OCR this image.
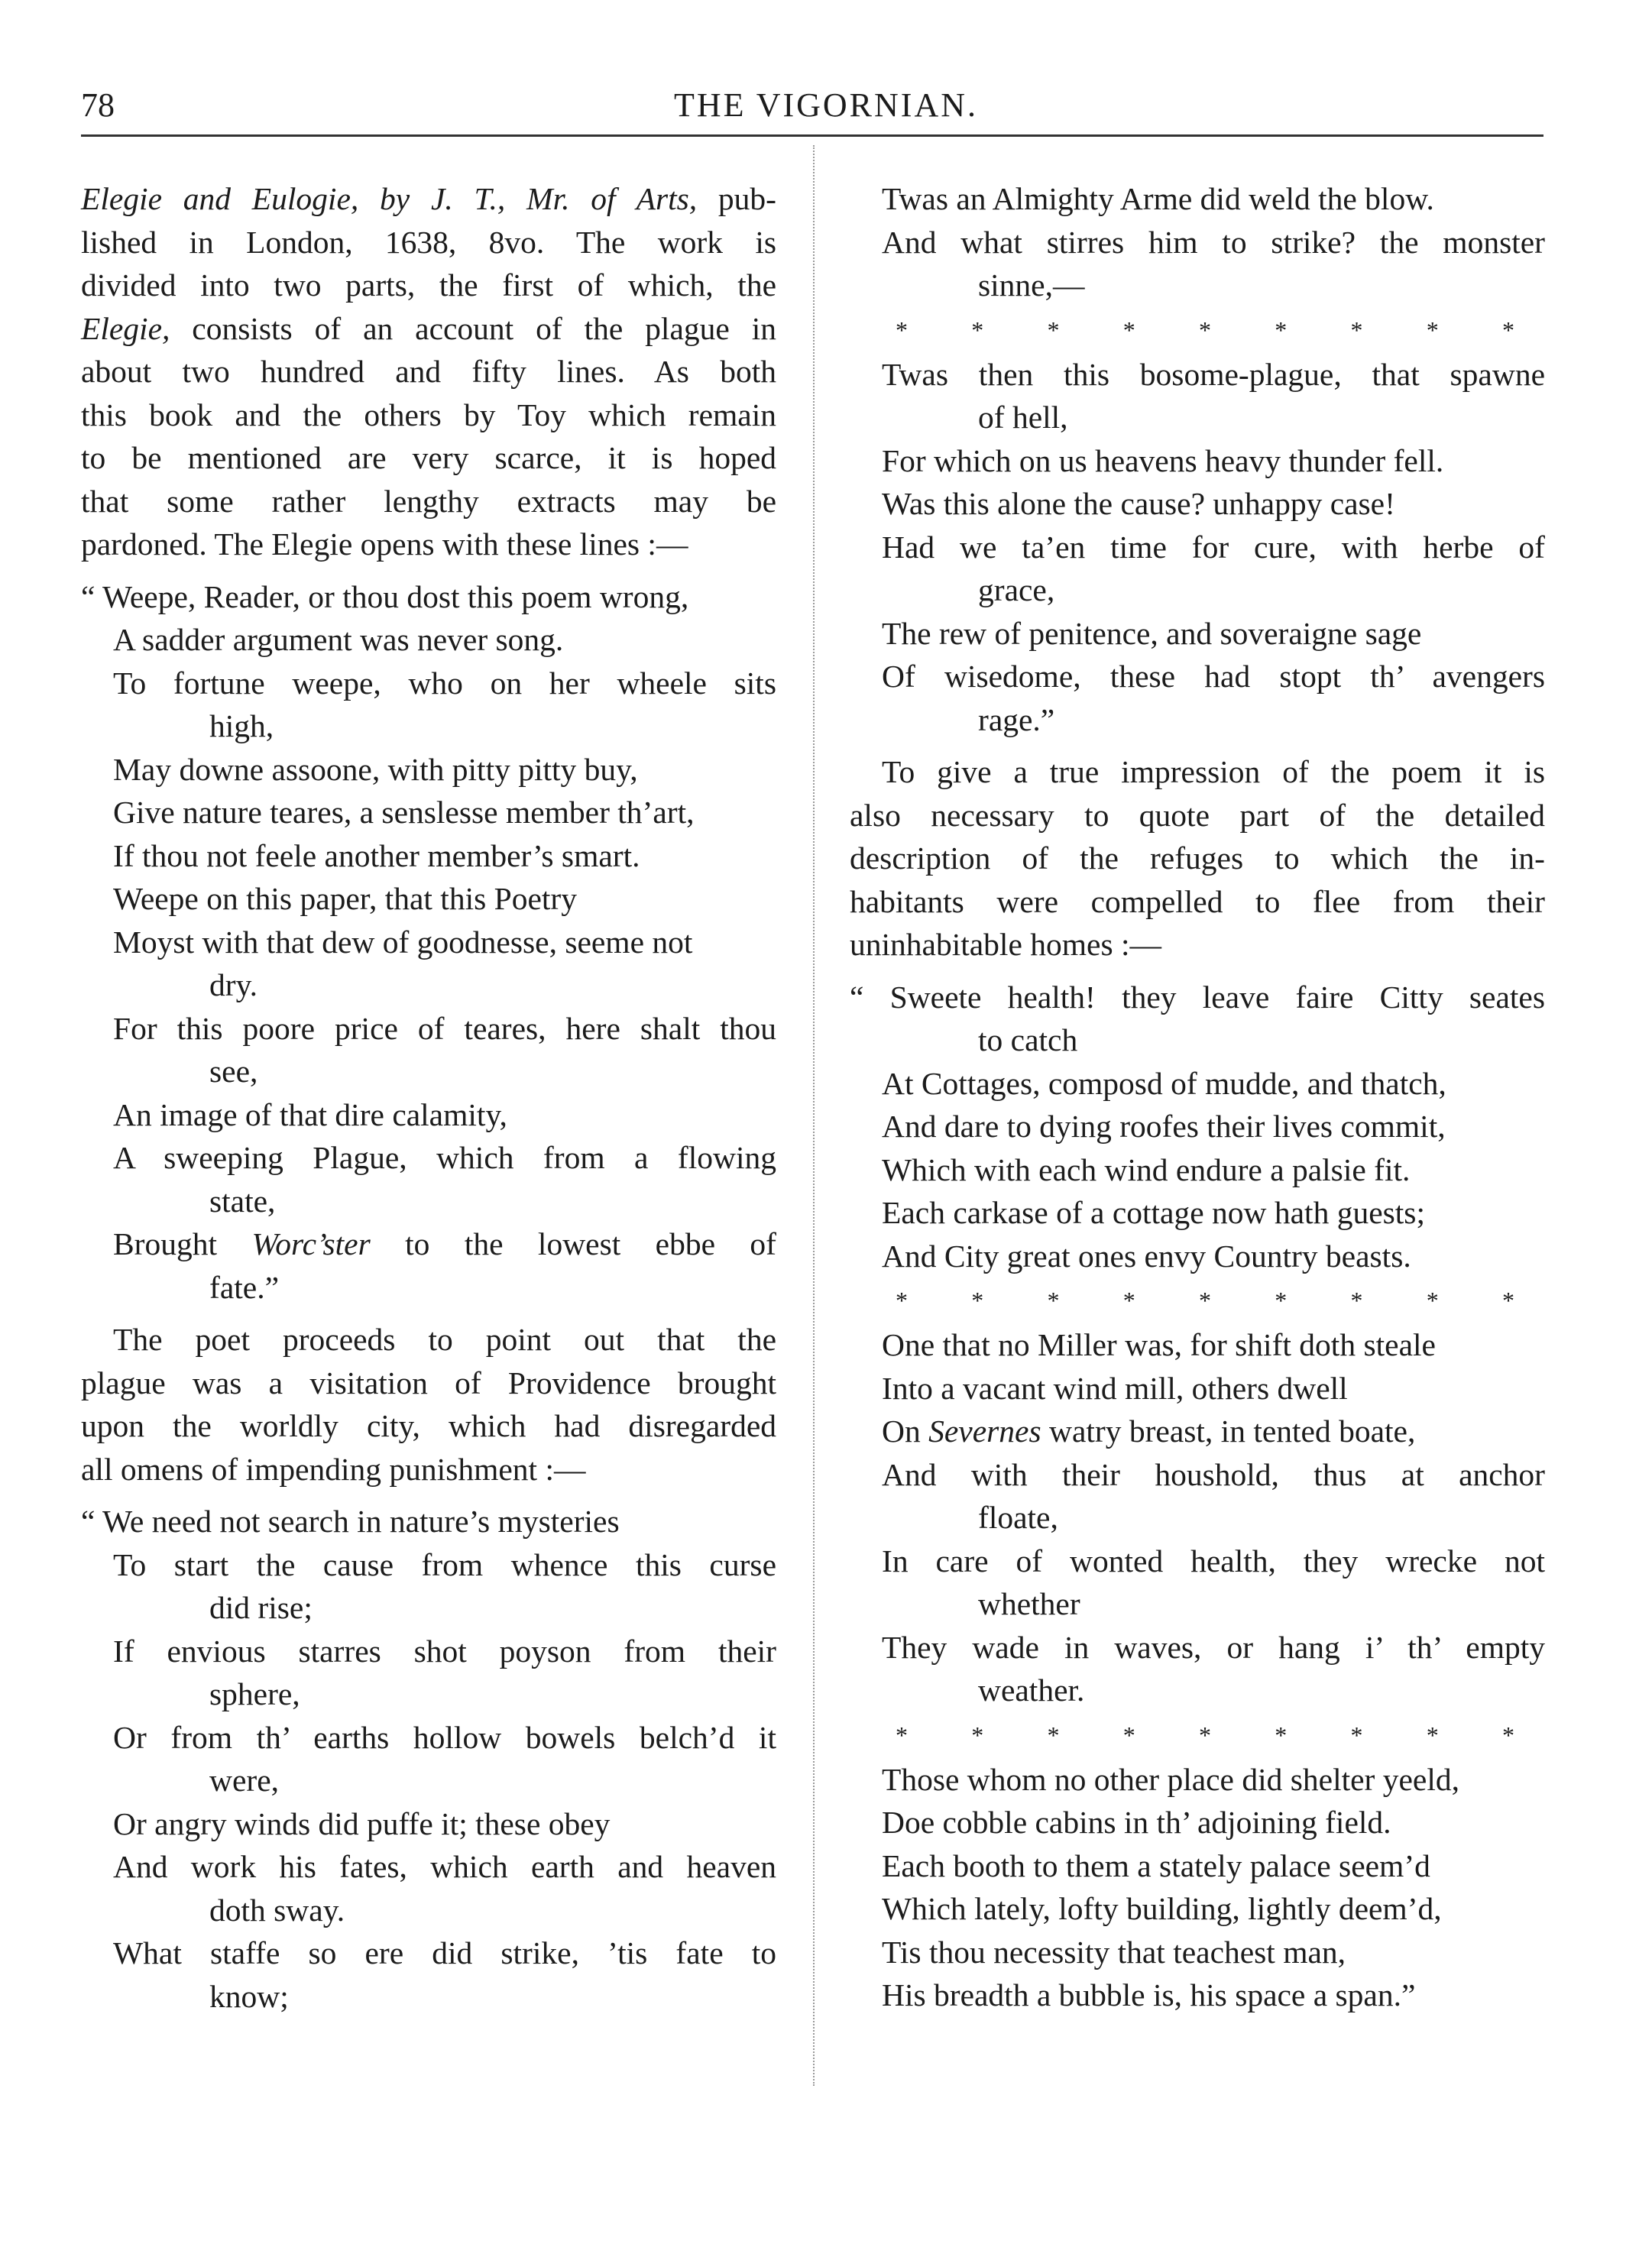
78	THE VIGORNIAN.
Elegie and Eulogie, by J. T., Mr. of Arts, pub-
lished in London, 1638, 8vo. The work is
divided into two parts, the first of which, the
Elegie, consists of an account of the plague in
about two hundred and fifty lines. As both
this book and the others by Toy which remain
to be mentioned are very scarce, it is hoped
that some rather lengthy extracts may be
pardoned. The Elegie opens with these lines :—
“ Weepe, Reader, or thou dost this poem wrong,
A sadder argument was never song.
To fortune weepe, who on her wheele sits
high,
May downe assoone, with pitty pitty buy,
Give nature teares, a senslesse member th’art,
If thou not feele another member’s smart.
Weepe on this paper, that this Poetry
Moyst with that dew of goodnesse, seeme not
dry.
For this poore price of teares, here shalt thou
see,
An image of that dire calamity,
A sweeping Plague, which from a flowing
state,
Brought Worc’ster to the lowest ebbe of
fate.”
The poet proceeds to point out that the
plague was a visitation of Providence brought
upon the worldly city, which had disregarded
all omens of impending punishment :—
“ We need not search in nature’s mysteries
To start the cause from whence this curse
did rise;
If envious starres shot poyson from their
sphere,
Or from th’ earths hollow bowels belch’d it
were,
Or angry winds did puffe it; these obey
And work his fates, which earth and heaven
doth sway.
What staffe so ere did strike, ’tis fate to
know;
Twas an Almighty Arme did weld the blow.
And what stirres him to strike? the monster
sinne,—
*	*	*	*	*	*	*	*	*
Twas then this bosome-plague, that spawne
of hell,
For which on us heavens heavy thunder fell.
Was this alone the cause? unhappy case!
Had we ta’en time for cure, with herbe of
grace,
The rew of penitence, and soveraigne sage
Of wisedome, these had stopt th’ avengers
rage.”
To give a true impression of the poem it is
also necessary to quote part of the detailed
description of the refuges to which the in-
habitants were compelled to flee from their
uninhabitable homes :—
“ Sweete health! they leave faire Citty seates
to catch
At Cottages, composd of mudde, and thatch,
And dare to dying roofes their lives commit,
Which with each wind endure a palsie fit.
Each carkase of a cottage now hath guests;
And City great ones envy Country beasts.
*	*	*	*	*	*	*	*	*
One that no Miller was, for shift doth steale
Into a vacant wind mill, others dwell
On Severnes watry breast, in tented boate,
And with their houshold, thus at anchor
floate,
In care of wonted health, they wrecke not
whether
They wade in waves, or hang i’ th’ empty
weather.
*	*	*	*	*	*	*	*	*
Those whom no other place did shelter yeeld,
Doe cobble cabins in th’ adjoining field.
Each booth to them a stately palace seem’d
Which lately, lofty building, lightly deem’d,
Tis thou necessity that teachest man,
His breadth a bubble is, his space a span.”
